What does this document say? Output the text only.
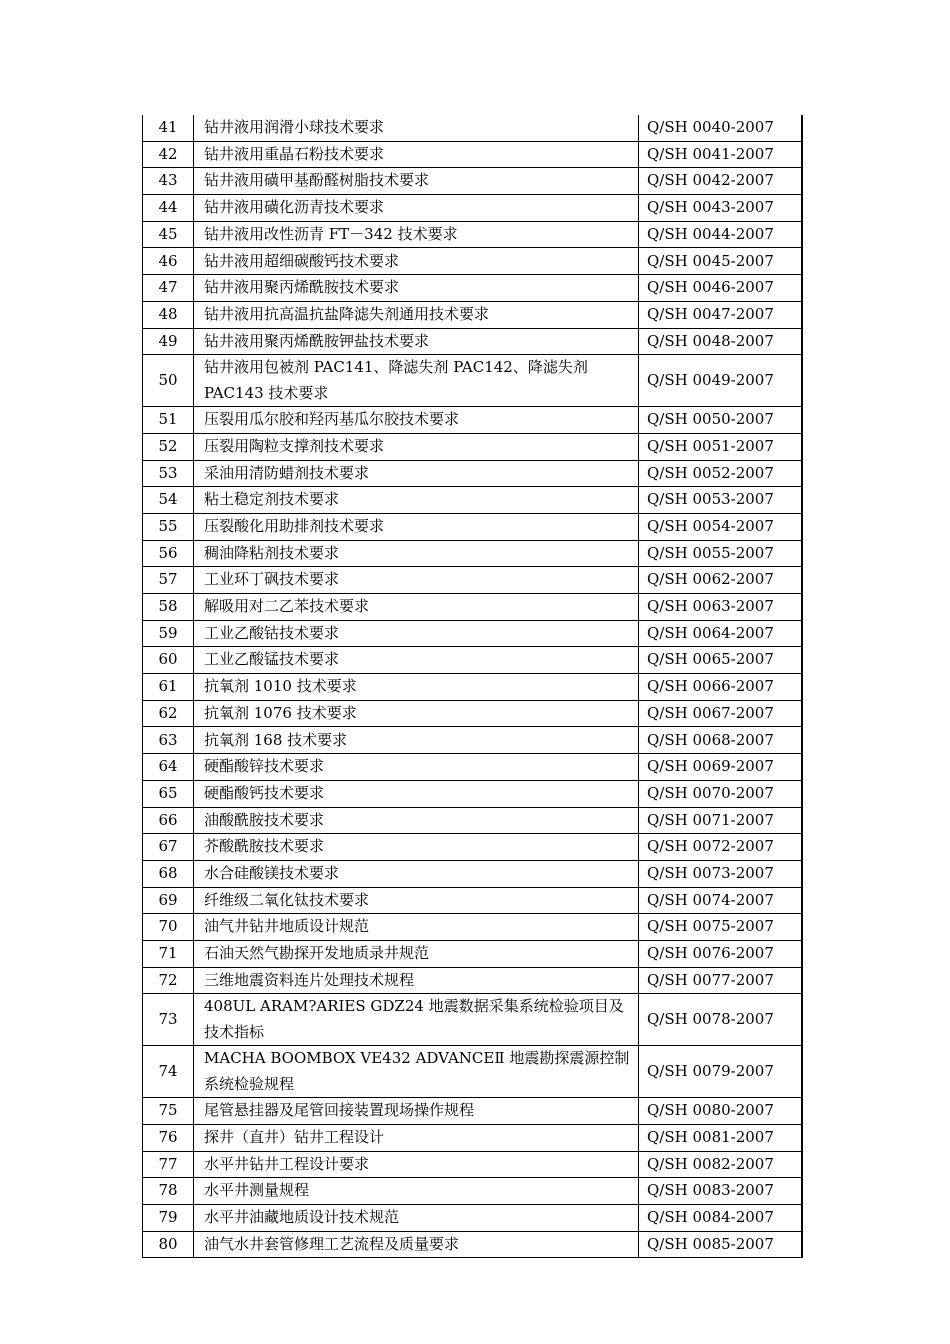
41	钻井液用润滑小球技术要求	Q/SH 0040-2007
42	钻井液用重晶石粉技术要求	Q/SH 0041-2007
43	钻井液用磺甲基酚醛树脂技术要求	Q/SH 0042-2007
44	钻井液用磺化沥青技术要求	Q/SH 0043-2007
45	钻井液用改性沥青 FT－342 技术要求	Q/SH 0044-2007
46	钻井液用超细碳酸钙技术要求	Q/SH 0045-2007
47	钻井液用聚丙烯酰胺技术要求	Q/SH 0046-2007
48	钻井液用抗高温抗盐降滤失剂通用技术要求	Q/SH 0047-2007
49	钻井液用聚丙烯酰胺钾盐技术要求	Q/SH 0048-2007
50	钻井液用包被剂 PAC141、降滤失剂 PAC142、降滤失剂 PAC143 技术要求	Q/SH 0049-2007
51	压裂用瓜尔胶和羟丙基瓜尔胶技术要求	Q/SH 0050-2007
52	压裂用陶粒支撑剂技术要求	Q/SH 0051-2007
53	采油用清防蜡剂技术要求	Q/SH 0052-2007
54	粘土稳定剂技术要求	Q/SH 0053-2007
55	压裂酸化用助排剂技术要求	Q/SH 0054-2007
56	稠油降粘剂技术要求	Q/SH 0055-2007
57	工业环丁砜技术要求	Q/SH 0062-2007
58	解吸用对二乙苯技术要求	Q/SH 0063-2007
59	工业乙酸钴技术要求	Q/SH 0064-2007
60	工业乙酸锰技术要求	Q/SH 0065-2007
61	抗氧剂 1010 技术要求	Q/SH 0066-2007
62	抗氧剂 1076 技术要求	Q/SH 0067-2007
63	抗氧剂 168 技术要求	Q/SH 0068-2007
64	硬酯酸锌技术要求	Q/SH 0069-2007
65	硬酯酸钙技术要求	Q/SH 0070-2007
66	油酸酰胺技术要求	Q/SH 0071-2007
67	芥酸酰胺技术要求	Q/SH 0072-2007
68	水合硅酸镁技术要求	Q/SH 0073-2007
69	纤维级二氧化钛技术要求	Q/SH 0074-2007
70	油气井钻井地质设计规范	Q/SH 0075-2007
71	石油天然气勘探开发地质录井规范	Q/SH 0076-2007
72	三维地震资料连片处理技术规程	Q/SH 0077-2007
73	408UL ARAM?ARIES GDZ24 地震数据采集系统检验项目及技术指标	Q/SH 0078-2007
74	MACHA BOOMBOX VE432 ADVANCEⅡ 地震勘探震源控制系统检验规程	Q/SH 0079-2007
75	尾管悬挂器及尾管回接装置现场操作规程	Q/SH 0080-2007
76	探井（直井）钻井工程设计	Q/SH 0081-2007
77	水平井钻井工程设计要求	Q/SH 0082-2007
78	水平井测量规程	Q/SH 0083-2007
79	水平井油藏地质设计技术规范	Q/SH 0084-2007
80	油气水井套管修理工艺流程及质量要求	Q/SH 0085-2007
